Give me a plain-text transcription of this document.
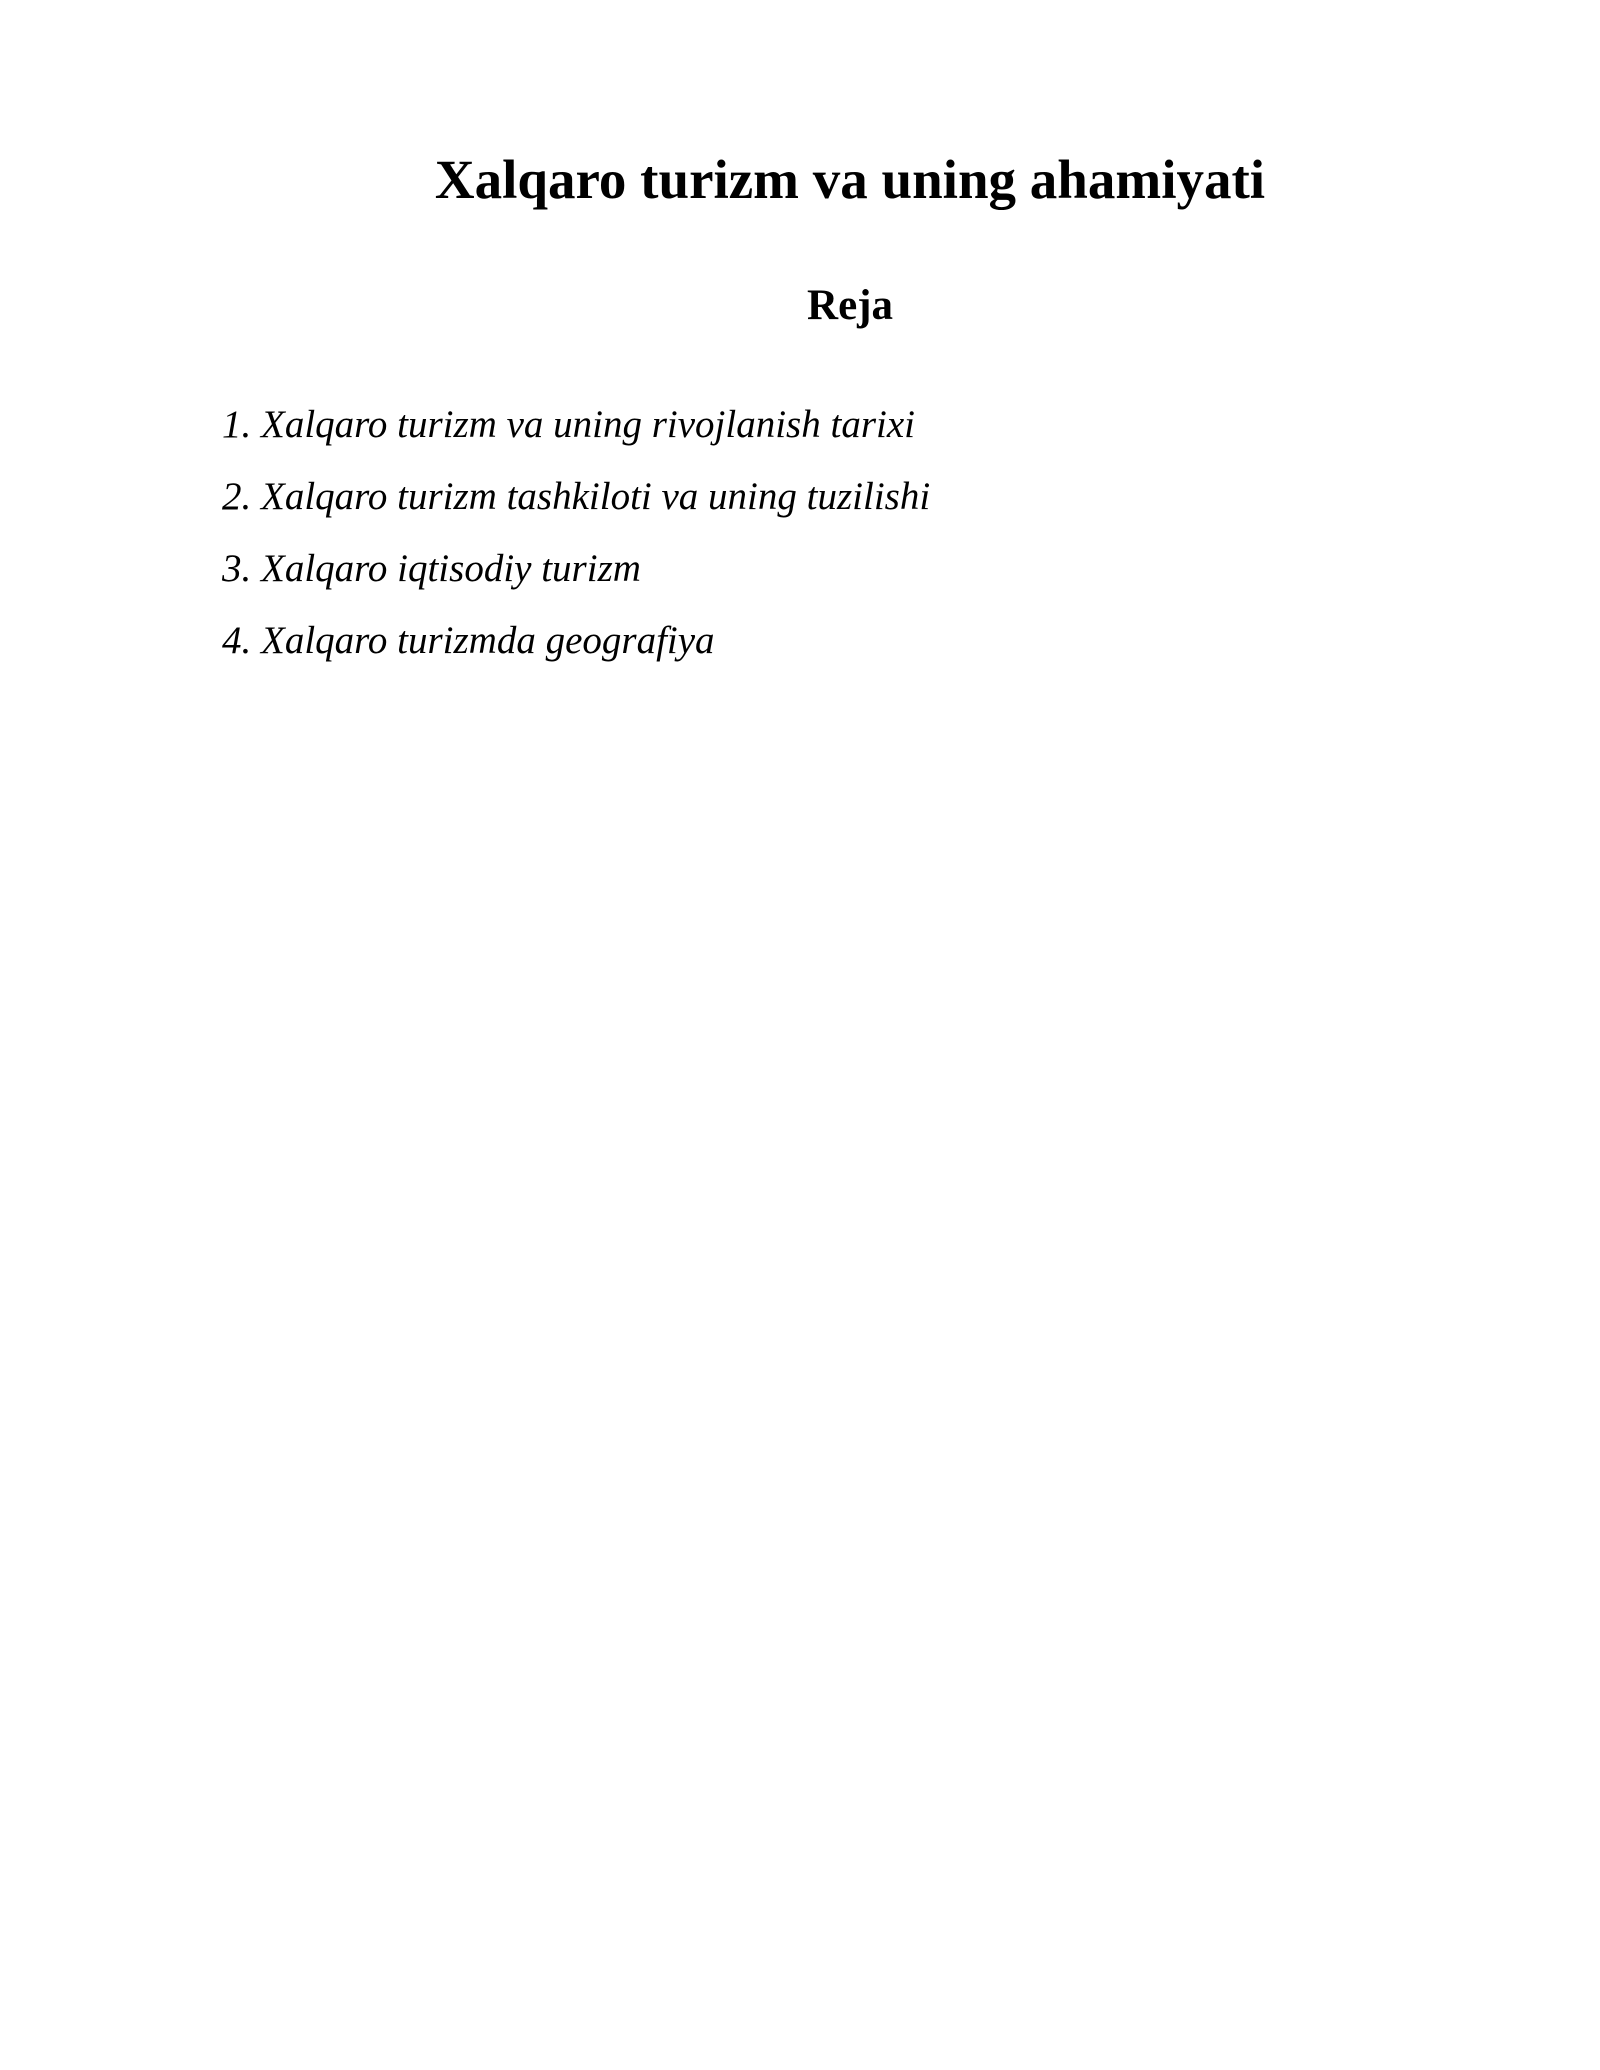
Xalqaro turizm va uning ahamiyati
Reja
1. Xalqaro turizm va uning rivojlanish tarixi
2. Xalqaro turizm tashkiloti va uning tuzilishi
3. Xalqaro iqtisodiy turizm
4. Xalqaro turizmda geografiya
